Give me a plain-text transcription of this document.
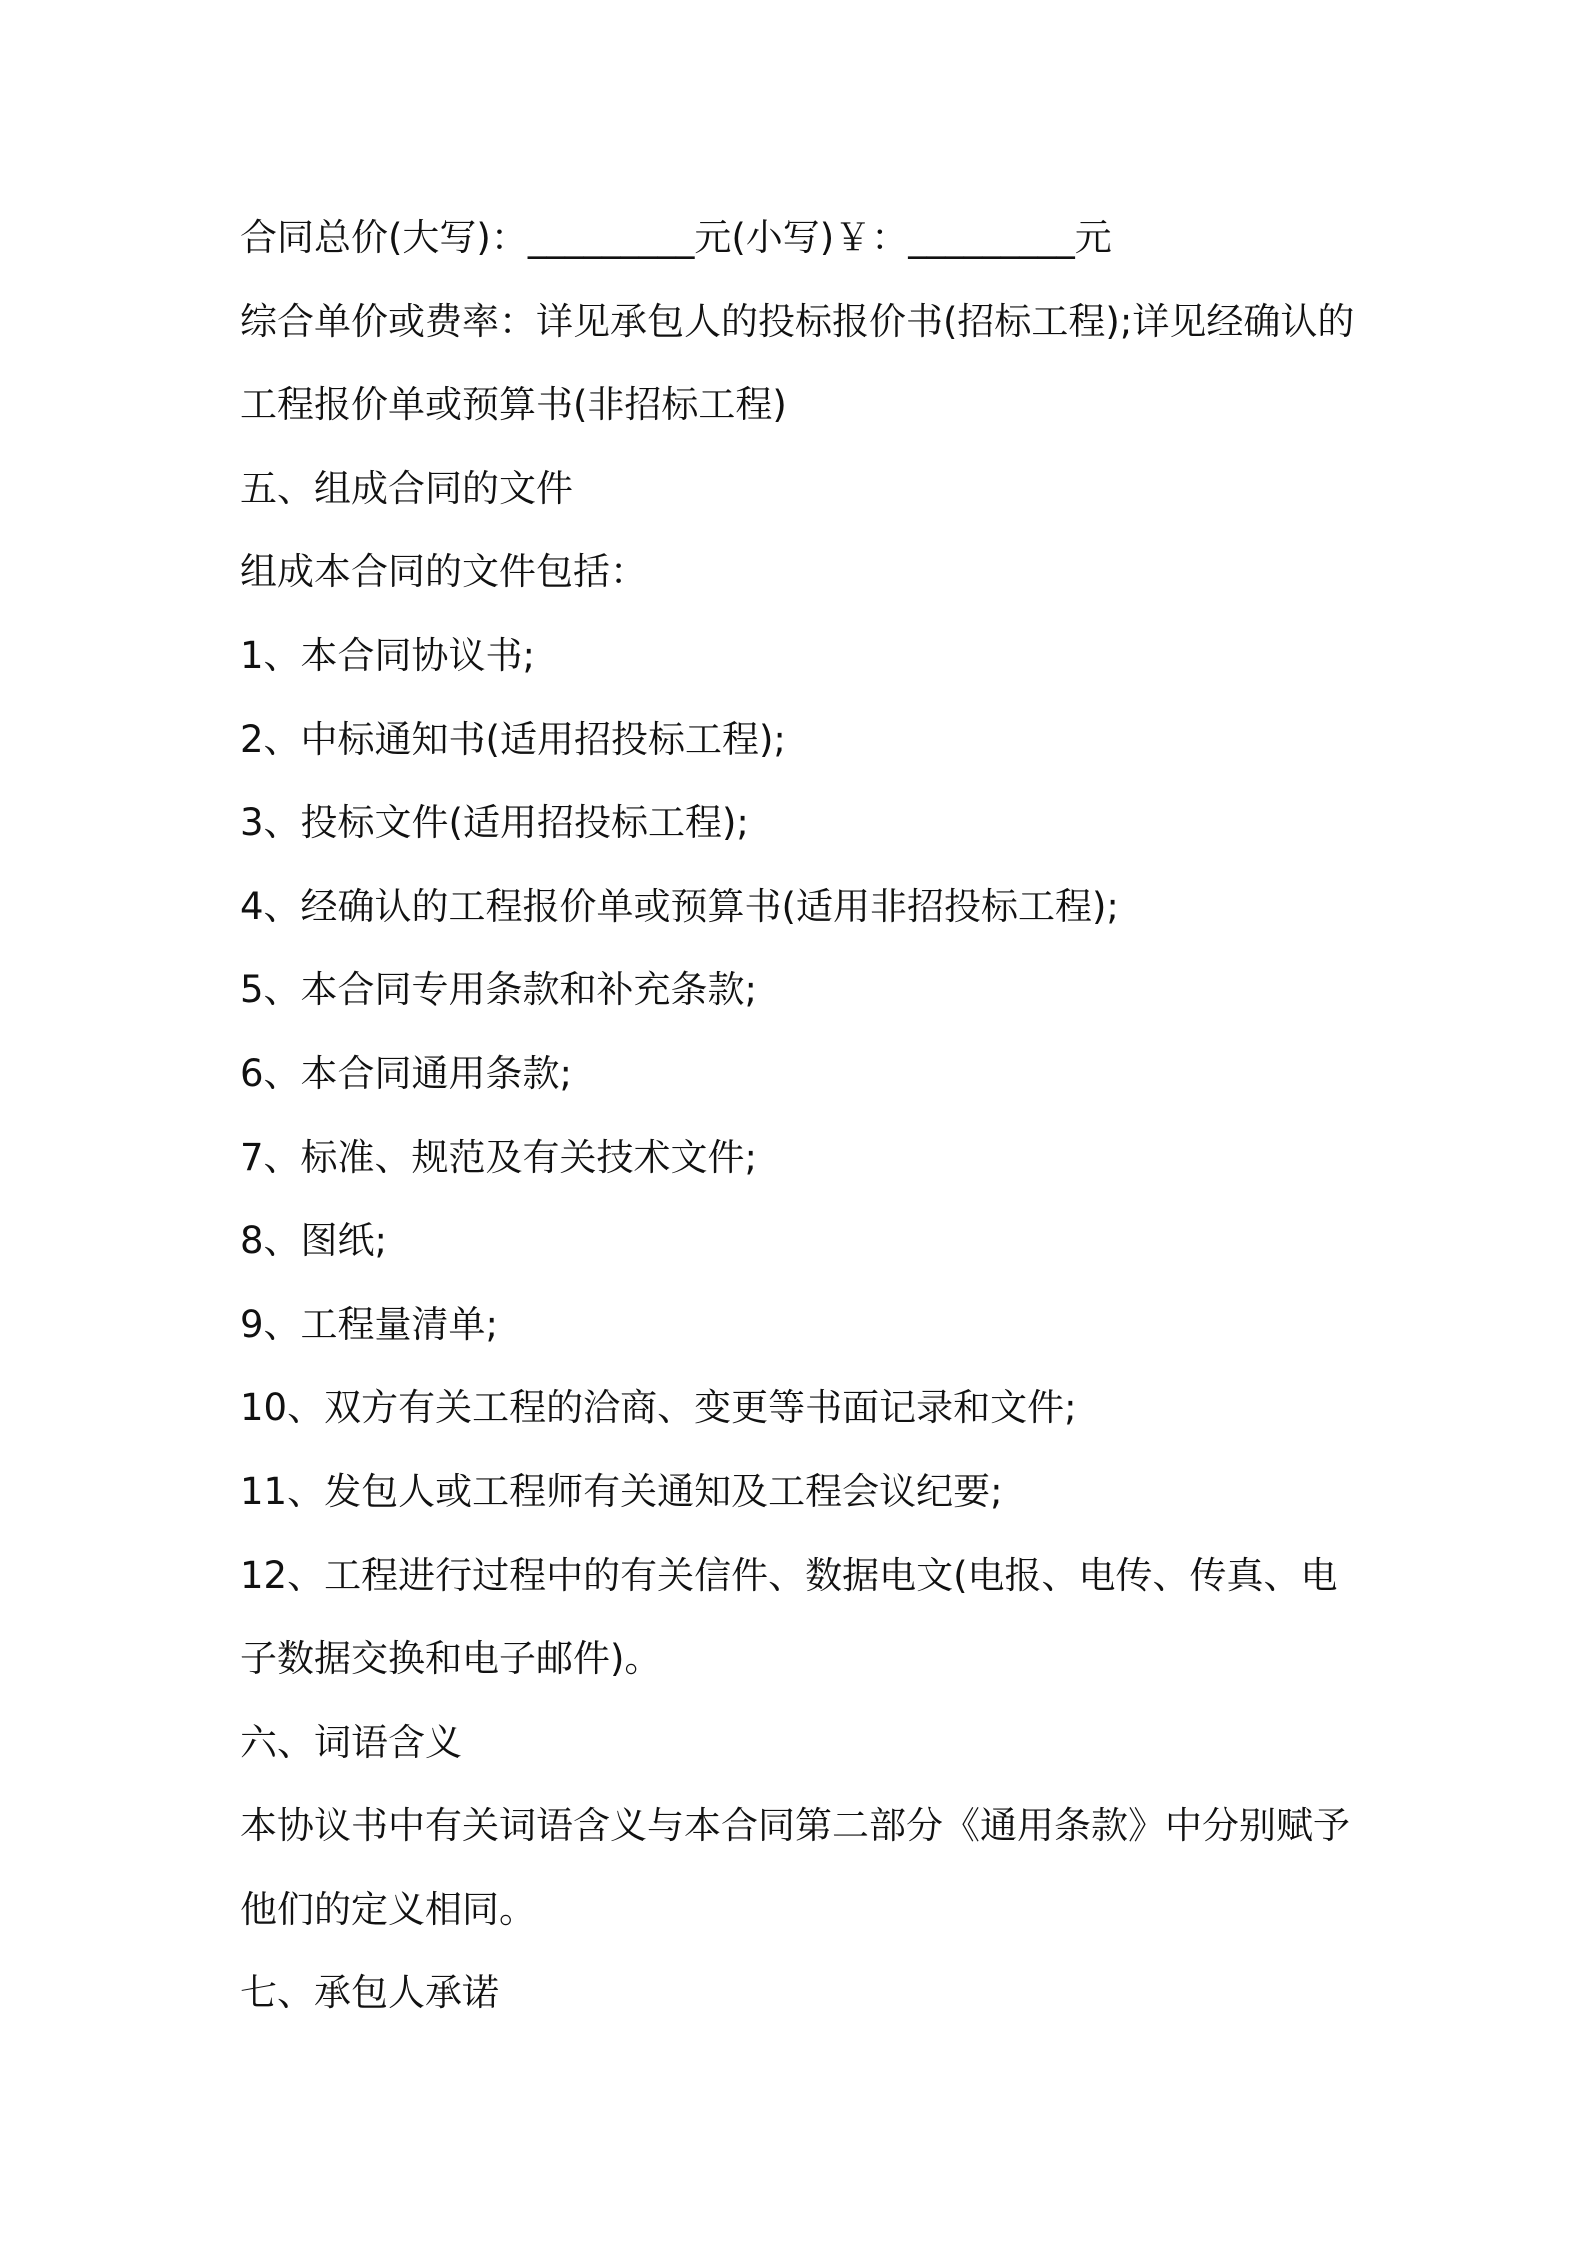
合同总价(大写)：_________元(小写)￥：_________元
综合单价或费率：详见承包人的投标报价书(招标工程);详见经确认的
工程报价单或预算书(非招标工程)
五、组成合同的文件
组成本合同的文件包括：
1、本合同协议书;
2、中标通知书(适用招投标工程);
3、投标文件(适用招投标工程);
4、经确认的工程报价单或预算书(适用非招投标工程);
5、本合同专用条款和补充条款;
6、本合同通用条款;
7、标准、规范及有关技术文件;
8、图纸;
9、工程量清单;
10、双方有关工程的洽商、变更等书面记录和文件;
11、发包人或工程师有关通知及工程会议纪要;
12、工程进行过程中的有关信件、数据电文(电报、电传、传真、电
子数据交换和电子邮件)。
六、词语含义
本协议书中有关词语含义与本合同第二部分《通用条款》中分别赋予
他们的定义相同。
七、承包人承诺
